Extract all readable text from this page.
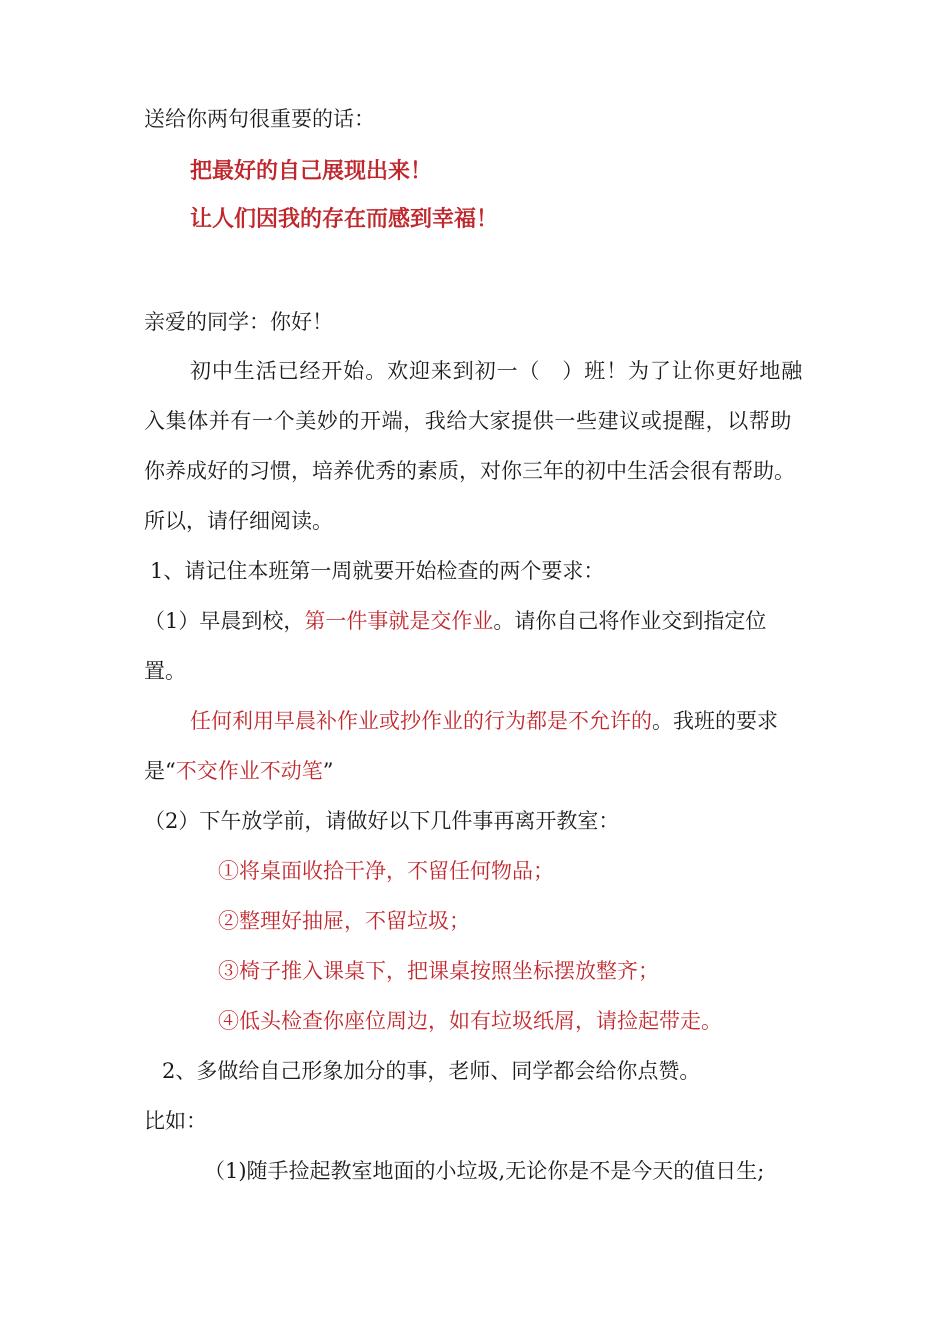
送给你两句很重要的话：
把最好的自己展现出来！
让人们因我的存在而感到幸福！
亲爱的同学：你好！
初中生活已经开始。欢迎来到初一（　）班！为了让你更好地融
入集体并有一个美妙的开端，我给大家提供一些建议或提醒，以帮助
你养成好的习惯，培养优秀的素质，对你三年的初中生活会很有帮助。
所以，请仔细阅读。
1、请记住本班第一周就要开始检查的两个要求：
（1）早晨到校，第一件事就是交作业。请你自己将作业交到指定位
置。
任何利用早晨补作业或抄作业的行为都是不允许的。我班的要求
是“不交作业不动笔”
（2）下午放学前，请做好以下几件事再离开教室：
①将桌面收拾干净，不留任何物品；
②整理好抽屉，不留垃圾；
③椅子推入课桌下，把课桌按照坐标摆放整齐；
④低头检查你座位周边，如有垃圾纸屑，请捡起带走。
2、多做给自己形象加分的事，老师、同学都会给你点赞。
比如：
（1)随手捡起教室地面的小垃圾,无论你是不是今天的值日生;
